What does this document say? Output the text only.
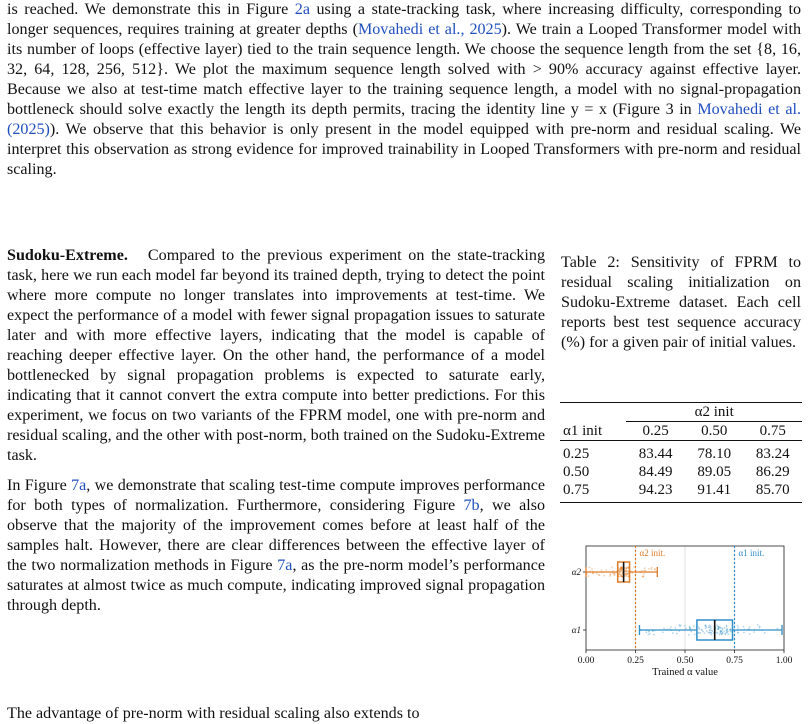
is reached. We demonstrate this in Figure 2a using a state-tracking task, where increasing difficulty, corresponding to longer sequences, requires training at greater depths (Movahedi et al., 2025). We train a Looped Transformer model with its number of loops (effective layer) tied to the train sequence length. We choose the sequence length from the set {8, 16, 32, 64, 128, 256, 512}. We plot the maximum sequence length solved with > 90% accuracy against effective layer. Because we also at test-time match effective layer to the training sequence length, a model with no signal-propagation bottleneck should solve exactly the length its depth permits, tracing the identity line y = x (Figure 3 in Movahedi et al. (2025)). We observe that this behavior is only present in the model equipped with pre-norm and residual scaling. We interpret this observation as strong evidence for improved trainability in Looped Transformers with pre-norm and residual scaling.

Sudoku-Extreme. Compared to the previous experiment on the state-tracking task, here we run each model far beyond its trained depth, trying to detect the point where more compute no longer translates into improvements at test-time. We expect the performance of a model with fewer signal propagation issues to saturate later and with more effective layers, indicating that the model is capable of reaching deeper effective layer. On the other hand, the performance of a model bottlenecked by signal propagation problems is expected to saturate early, indicating that it cannot convert the extra compute into better predictions. For this experiment, we focus on two variants of the FPRM model, one with pre-norm and residual scaling, and the other with post-norm, both trained on the Sudoku-Extreme task.

In Figure 7a, we demonstrate that scaling test-time compute improves performance for both types of normalization. Furthermore, considering Figure 7b, we also observe that the majority of the improvement comes before at least half of the samples halt. However, there are clear differences between the effective layer of the two normalization methods in Figure 7a, as the pre-norm model’s performance saturates at almost twice as much compute, indicating improved signal propagation through depth.

The advantage of pre-norm with residual scaling also extends to
Table 2: Sensitivity of FPRM to residual scaling initialization on Sudoku-Extreme dataset. Each cell reports best test sequence accuracy (%) for a given pair of initial values.
	α2 init		
α1 init	0.25	0.50	0.75
0.25	83.44	78.10	83.24
0.50	84.49	89.05	86.29
0.75	94.23	91.41	85.70
0.00	0.25	0.50	0.75	1.00
Trained α value
α2
α1
α2 init.	α1 init.
